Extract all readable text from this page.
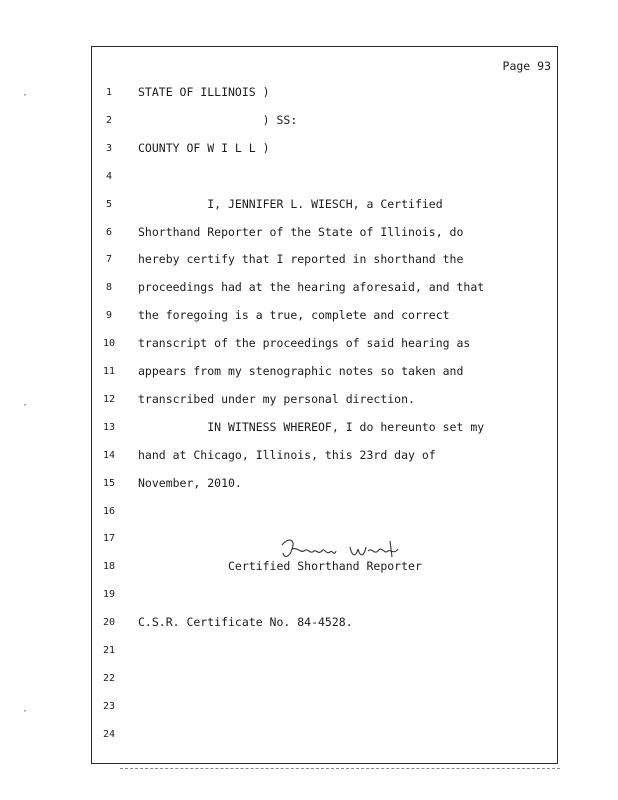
Page 93
1	STATE OF ILLINOIS )
2	) SS:
3	COUNTY OF W I L L )
4
5	I, JENNIFER L. WIESCH, a Certified
6	Shorthand Reporter of the State of Illinois, do
7	hereby certify that I reported in shorthand the
8	proceedings had at the hearing aforesaid, and that
9	the foregoing is a true, complete and correct
10	transcript of the proceedings of said hearing as
11	appears from my stenographic notes so taken and
12	transcribed under my personal direction.
13	IN WITNESS WHEREOF, I do hereunto set my
14	hand at Chicago, Illinois, this 23rd day of
15	November, 2010.
16
17
18	Certified Shorthand Reporter
19
20	C.S.R. Certificate No. 84-4528.
21
22
23
24
·
·
·
